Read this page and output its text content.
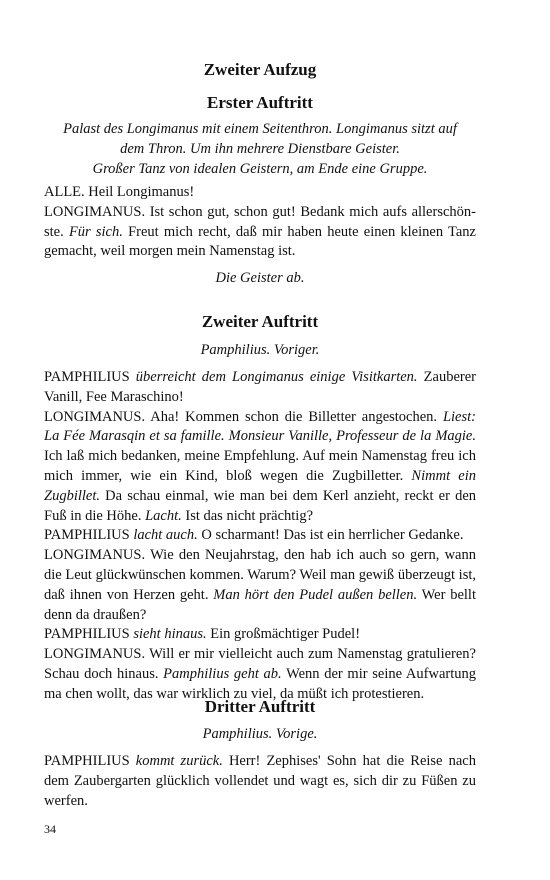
Zweiter Aufzug
Erster Auftritt
Palast des Longimanus mit einem Seitenthron. Longimanus sitzt auf
dem Thron. Um ihn mehrere Dienstbare Geister.
Großer Tanz von idealen Geistern, am Ende eine Gruppe.

ALLE. Heil Longimanus!

LONGIMANUS. Ist schon gut, schon gut! Bedank mich aufs allerschönste. Für sich. Freut mich recht, daß mir haben heute einen kleinen Tanz gemacht, weil morgen mein Namenstag ist.

Die Geister ab.
Zweiter Auftritt
Pamphilius. Voriger.

PAMPHILIUS überreicht dem Longimanus einige Visitkarten. Zauberer Vanill, Fee Maraschino!

LONGIMANUS. Aha! Kommen schon die Billetter angestochen. Liest: La Fée Marasqin et sa famille. Monsieur Vanille, Professeur de la Magie. Ich laß mich bedanken, meine Empfehlung. Auf mein Namenstag freu ich mich immer, wie ein Kind, bloß wegen die Zugbilletter. Nimmt ein Zugbillet. Da schau einmal, wie man bei dem Kerl anzieht, reckt er den Fuß in die Höhe. Lacht. Ist das nicht prächtig?

PAMPHILIUS lacht auch. O scharmant! Das ist ein herrlicher Gedanke.

LONGIMANUS. Wie den Neujahrstag, den hab ich auch so gern, wann die Leut glückwünschen kommen. Warum? Weil man gewiß überzeugt ist, daß ihnen von Herzen geht. Man hört den Pudel außen bellen. Wer bellt denn da draußen?

PAMPHILIUS sieht hinaus. Ein großmächtiger Pudel!

LONGIMANUS. Will er mir vielleicht auch zum Namenstag gratulieren? Schau doch hinaus. Pamphilius geht ab. Wenn der mir seine Aufwartung ma chen wollt, das war wirklich zu viel, da müßt ich protestieren.

Dritter Auftritt
Pamphilius. Vorige.

PAMPHILIUS kommt zurück. Herr! Zephises' Sohn hat die Reise nach dem Zaubergarten glücklich vollendet und wagt es, sich dir zu Füßen zu werfen.

34
